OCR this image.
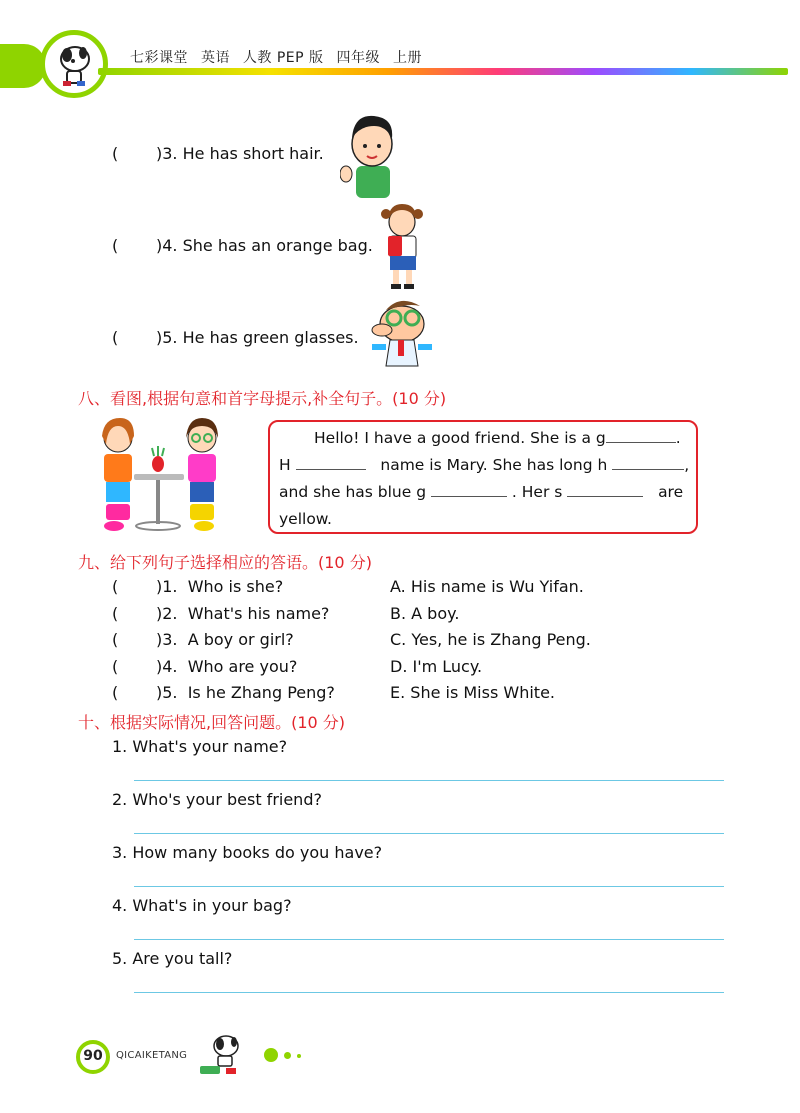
七彩课堂 英语 人教 PEP 版 四年级 上册
( )3. He has short hair.
( )4. She has an orange bag.
( )5. He has green glasses.
八、看图,根据句意和首字母提示,补全句子。(10 分)
Hello! I have a good friend. She is a g	.
H	name is Mary. She has long h	,
and she has blue g	. Her s	are
yellow.
九、给下列句子选择相应的答语。(10 分)
( )1. Who is she?	A. His name is Wu Yifan.
( )2. What's his name?	B. A boy.
( )3. A boy or girl?	C. Yes, he is Zhang Peng.
( )4. Who are you?	D. I'm Lucy.
( )5. Is he Zhang Peng?	E. She is Miss White.
十、根据实际情况,回答问题。(10 分)
1. What's your name?
2. Who's your best friend?
3. How many books do you have?
4. What's in your bag?
5. Are you tall?
90	QICAIKETANG
